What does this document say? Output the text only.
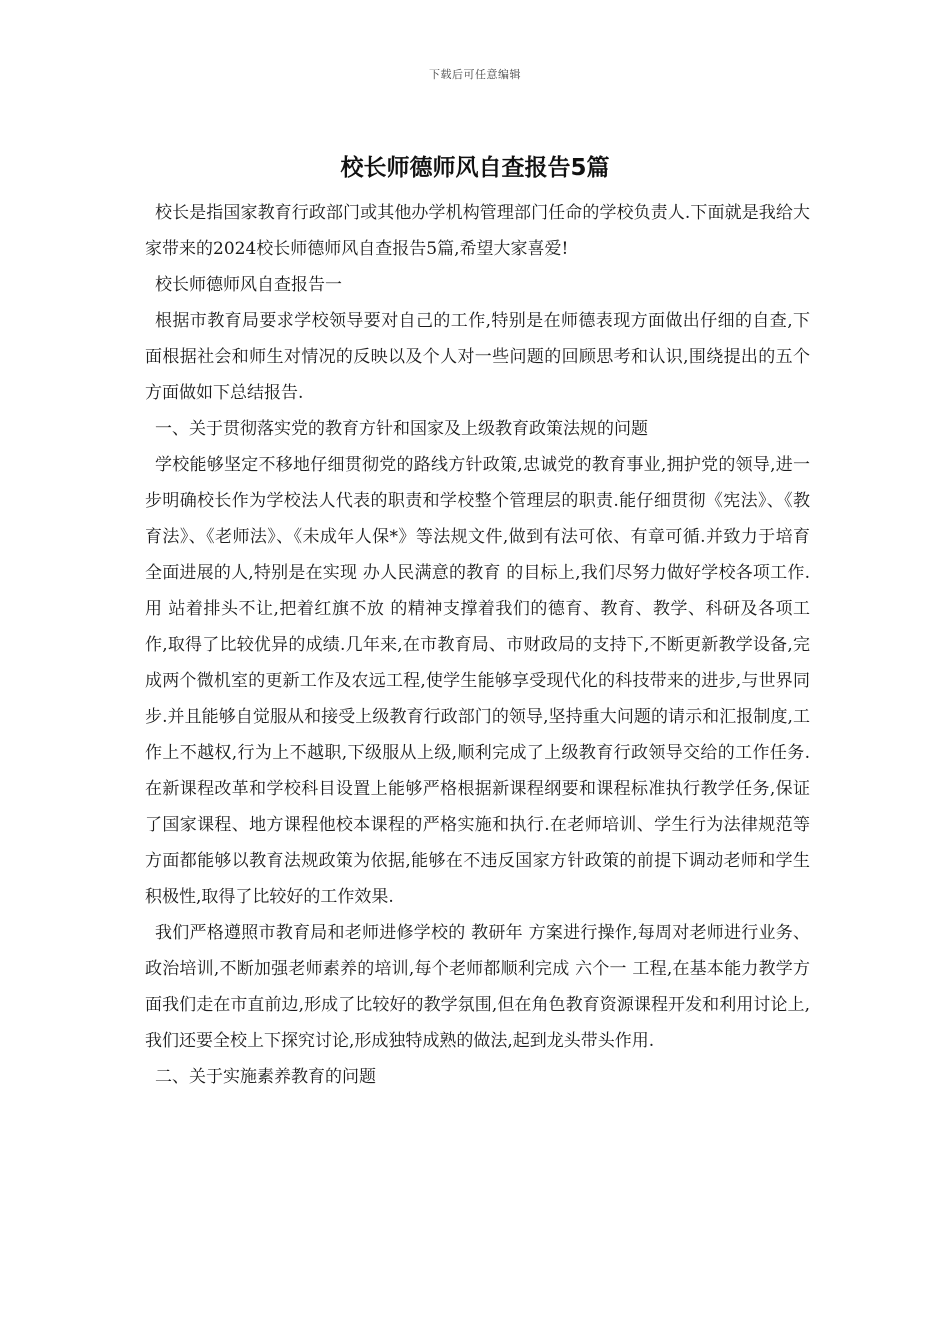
下载后可任意编辑
校长师德师风自查报告5篇

校长是指国家教育行政部门或其他办学机构管理部门任命的学校负责人.下面就是我给大家带来的2024校长师德师风自查报告5篇,希望大家喜爱!

校长师德师风自查报告一

根据市教育局要求学校领导要对自己的工作,特别是在师德表现方面做出仔细的自查,下面根据社会和师生对情况的反映以及个人对一些问题的回顾思考和认识,围绕提出的五个方面做如下总结报告.

一、关于贯彻落实党的教育方针和国家及上级教育政策法规的问题

学校能够坚定不移地仔细贯彻党的路线方针政策,忠诚党的教育事业,拥护党的领导,进一步明确校长作为学校法人代表的职责和学校整个管理层的职责.能仔细贯彻《宪法》、《教育法》、《老师法》、《未成年人保*》等法规文件,做到有法可依、有章可循.并致力于培育全面进展的人,特别是在实现 办人民满意的教育 的目标上,我们尽努力做好学校各项工作.用 站着排头不让,把着红旗不放 的精神支撑着我们的德育、教育、教学、科研及各项工作,取得了比较优异的成绩.几年来,在市教育局、市财政局的支持下,不断更新教学设备,完成两个微机室的更新工作及农远工程,使学生能够享受现代化的科技带来的进步,与世界同步.并且能够自觉服从和接受上级教育行政部门的领导,坚持重大问题的请示和汇报制度,工作上不越权,行为上不越职,下级服从上级,顺利完成了上级教育行政领导交给的工作任务.在新课程改革和学校科目设置上能够严格根据新课程纲要和课程标准执行教学任务,保证了国家课程、地方课程他校本课程的严格实施和执行.在老师培训、学生行为法律规范等方面都能够以教育法规政策为依据,能够在不违反国家方针政策的前提下调动老师和学生积极性,取得了比较好的工作效果.

我们严格遵照市教育局和老师进修学校的 教研年 方案进行操作,每周对老师进行业务、政治培训,不断加强老师素养的培训,每个老师都顺利完成 六个一 工程,在基本能力教学方面我们走在市直前边,形成了比较好的教学氛围,但在角色教育资源课程开发和利用讨论上,我们还要全校上下探究讨论,形成独特成熟的做法,起到龙头带头作用.

二、关于实施素养教育的问题
